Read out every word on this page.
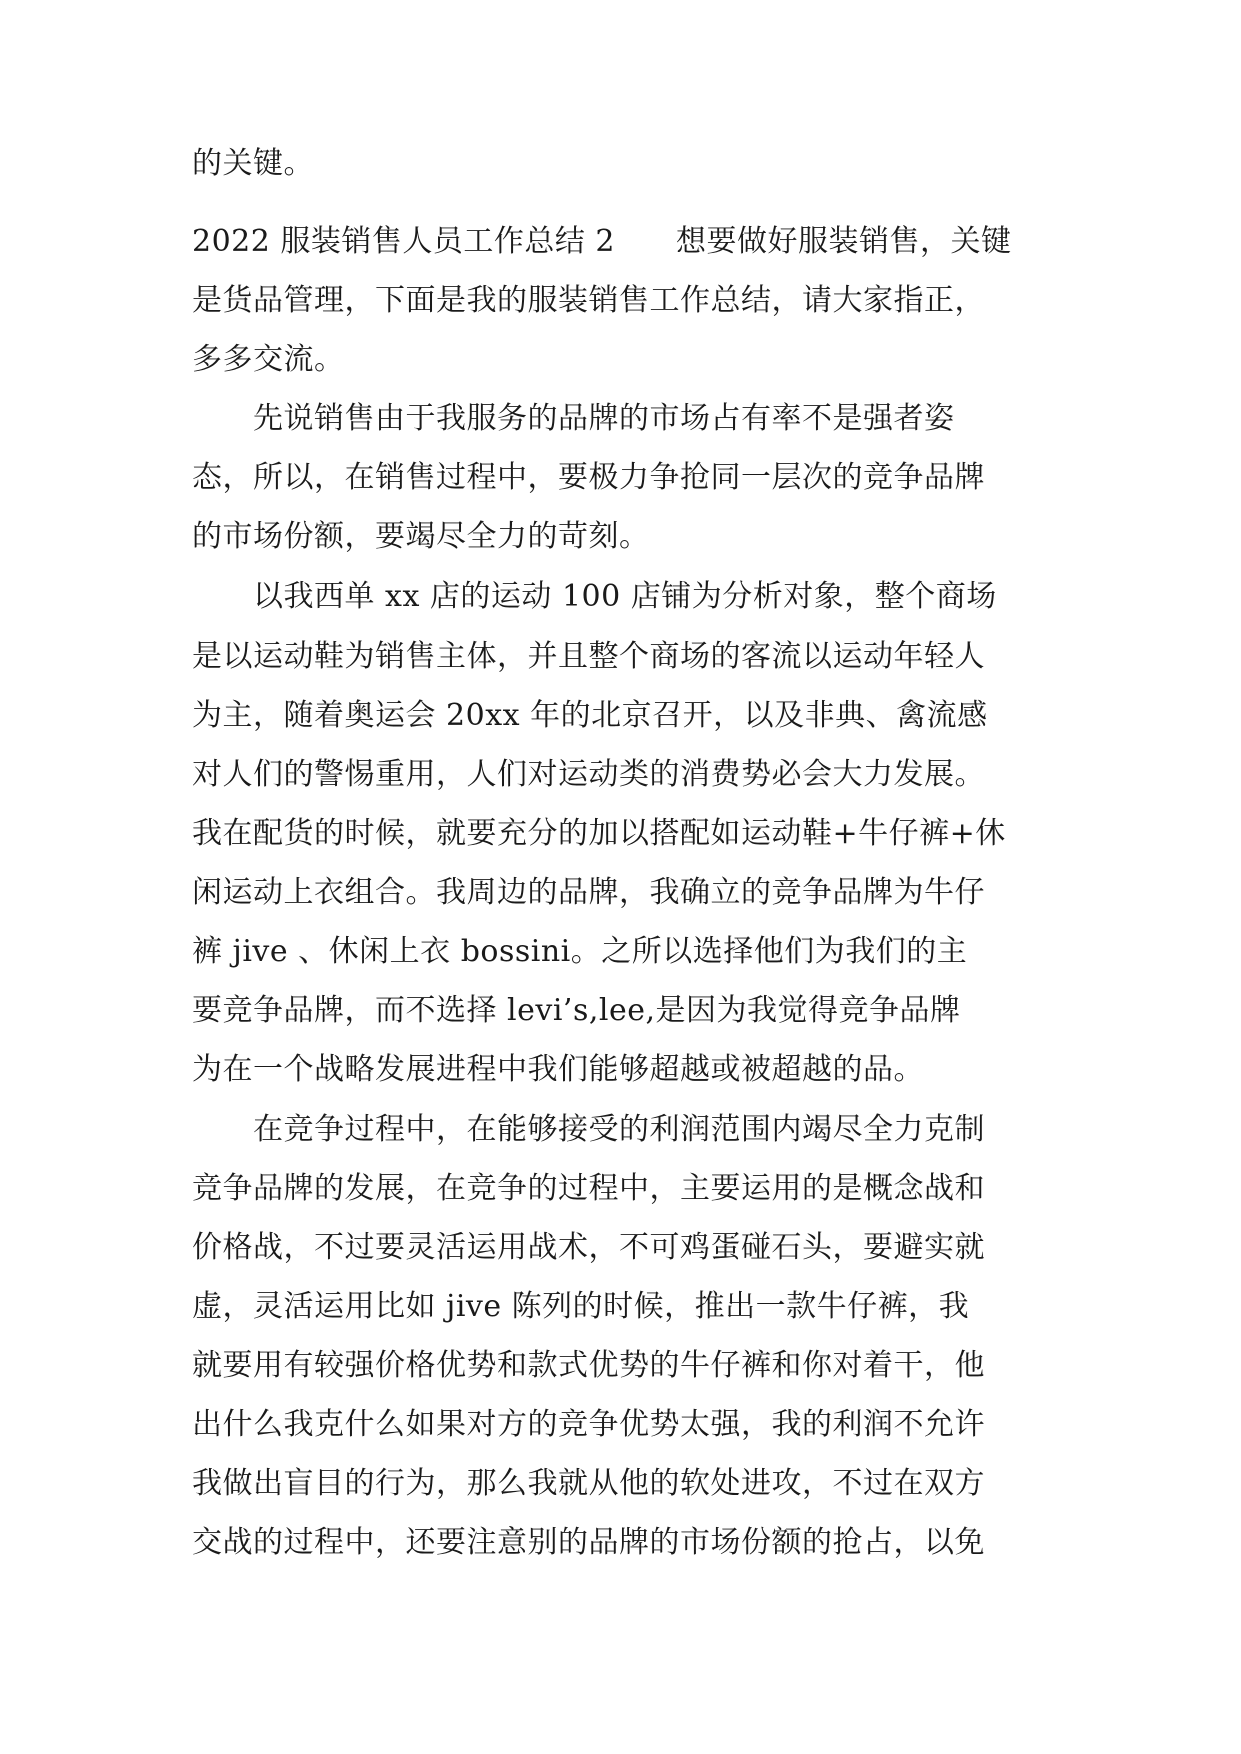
的关键。

2022 服装销售人员工作总结 2　　想要做好服装销售，关键

是货品管理，下面是我的服装销售工作总结，请大家指正，

多多交流。

　　先说销售由于我服务的品牌的市场占有率不是强者姿

态，所以，在销售过程中，要极力争抢同一层次的竞争品牌

的市场份额，要竭尽全力的苛刻。

　　以我西单 xx 店的运动 100 店铺为分析对象，整个商场

是以运动鞋为销售主体，并且整个商场的客流以运动年轻人

为主，随着奥运会 20xx 年的北京召开，以及非典、禽流感

对人们的警惕重用，人们对运动类的消费势必会大力发展。

我在配货的时候，就要充分的加以搭配如运动鞋+牛仔裤+休

闲运动上衣组合。我周边的品牌，我确立的竞争品牌为牛仔

裤 jive 、休闲上衣 bossini。之所以选择他们为我们的主

要竞争品牌，而不选择 levi’s,lee,是因为我觉得竞争品牌

为在一个战略发展进程中我们能够超越或被超越的品。

　　在竞争过程中，在能够接受的利润范围内竭尽全力克制

竞争品牌的发展，在竞争的过程中，主要运用的是概念战和

价格战，不过要灵活运用战术，不可鸡蛋碰石头，要避实就

虚，灵活运用比如 jive 陈列的时候，推出一款牛仔裤，我

就要用有较强价格优势和款式优势的牛仔裤和你对着干，他

出什么我克什么如果对方的竞争优势太强，我的利润不允许

我做出盲目的行为，那么我就从他的软处进攻，不过在双方

交战的过程中，还要注意别的品牌的市场份额的抢占，以免
